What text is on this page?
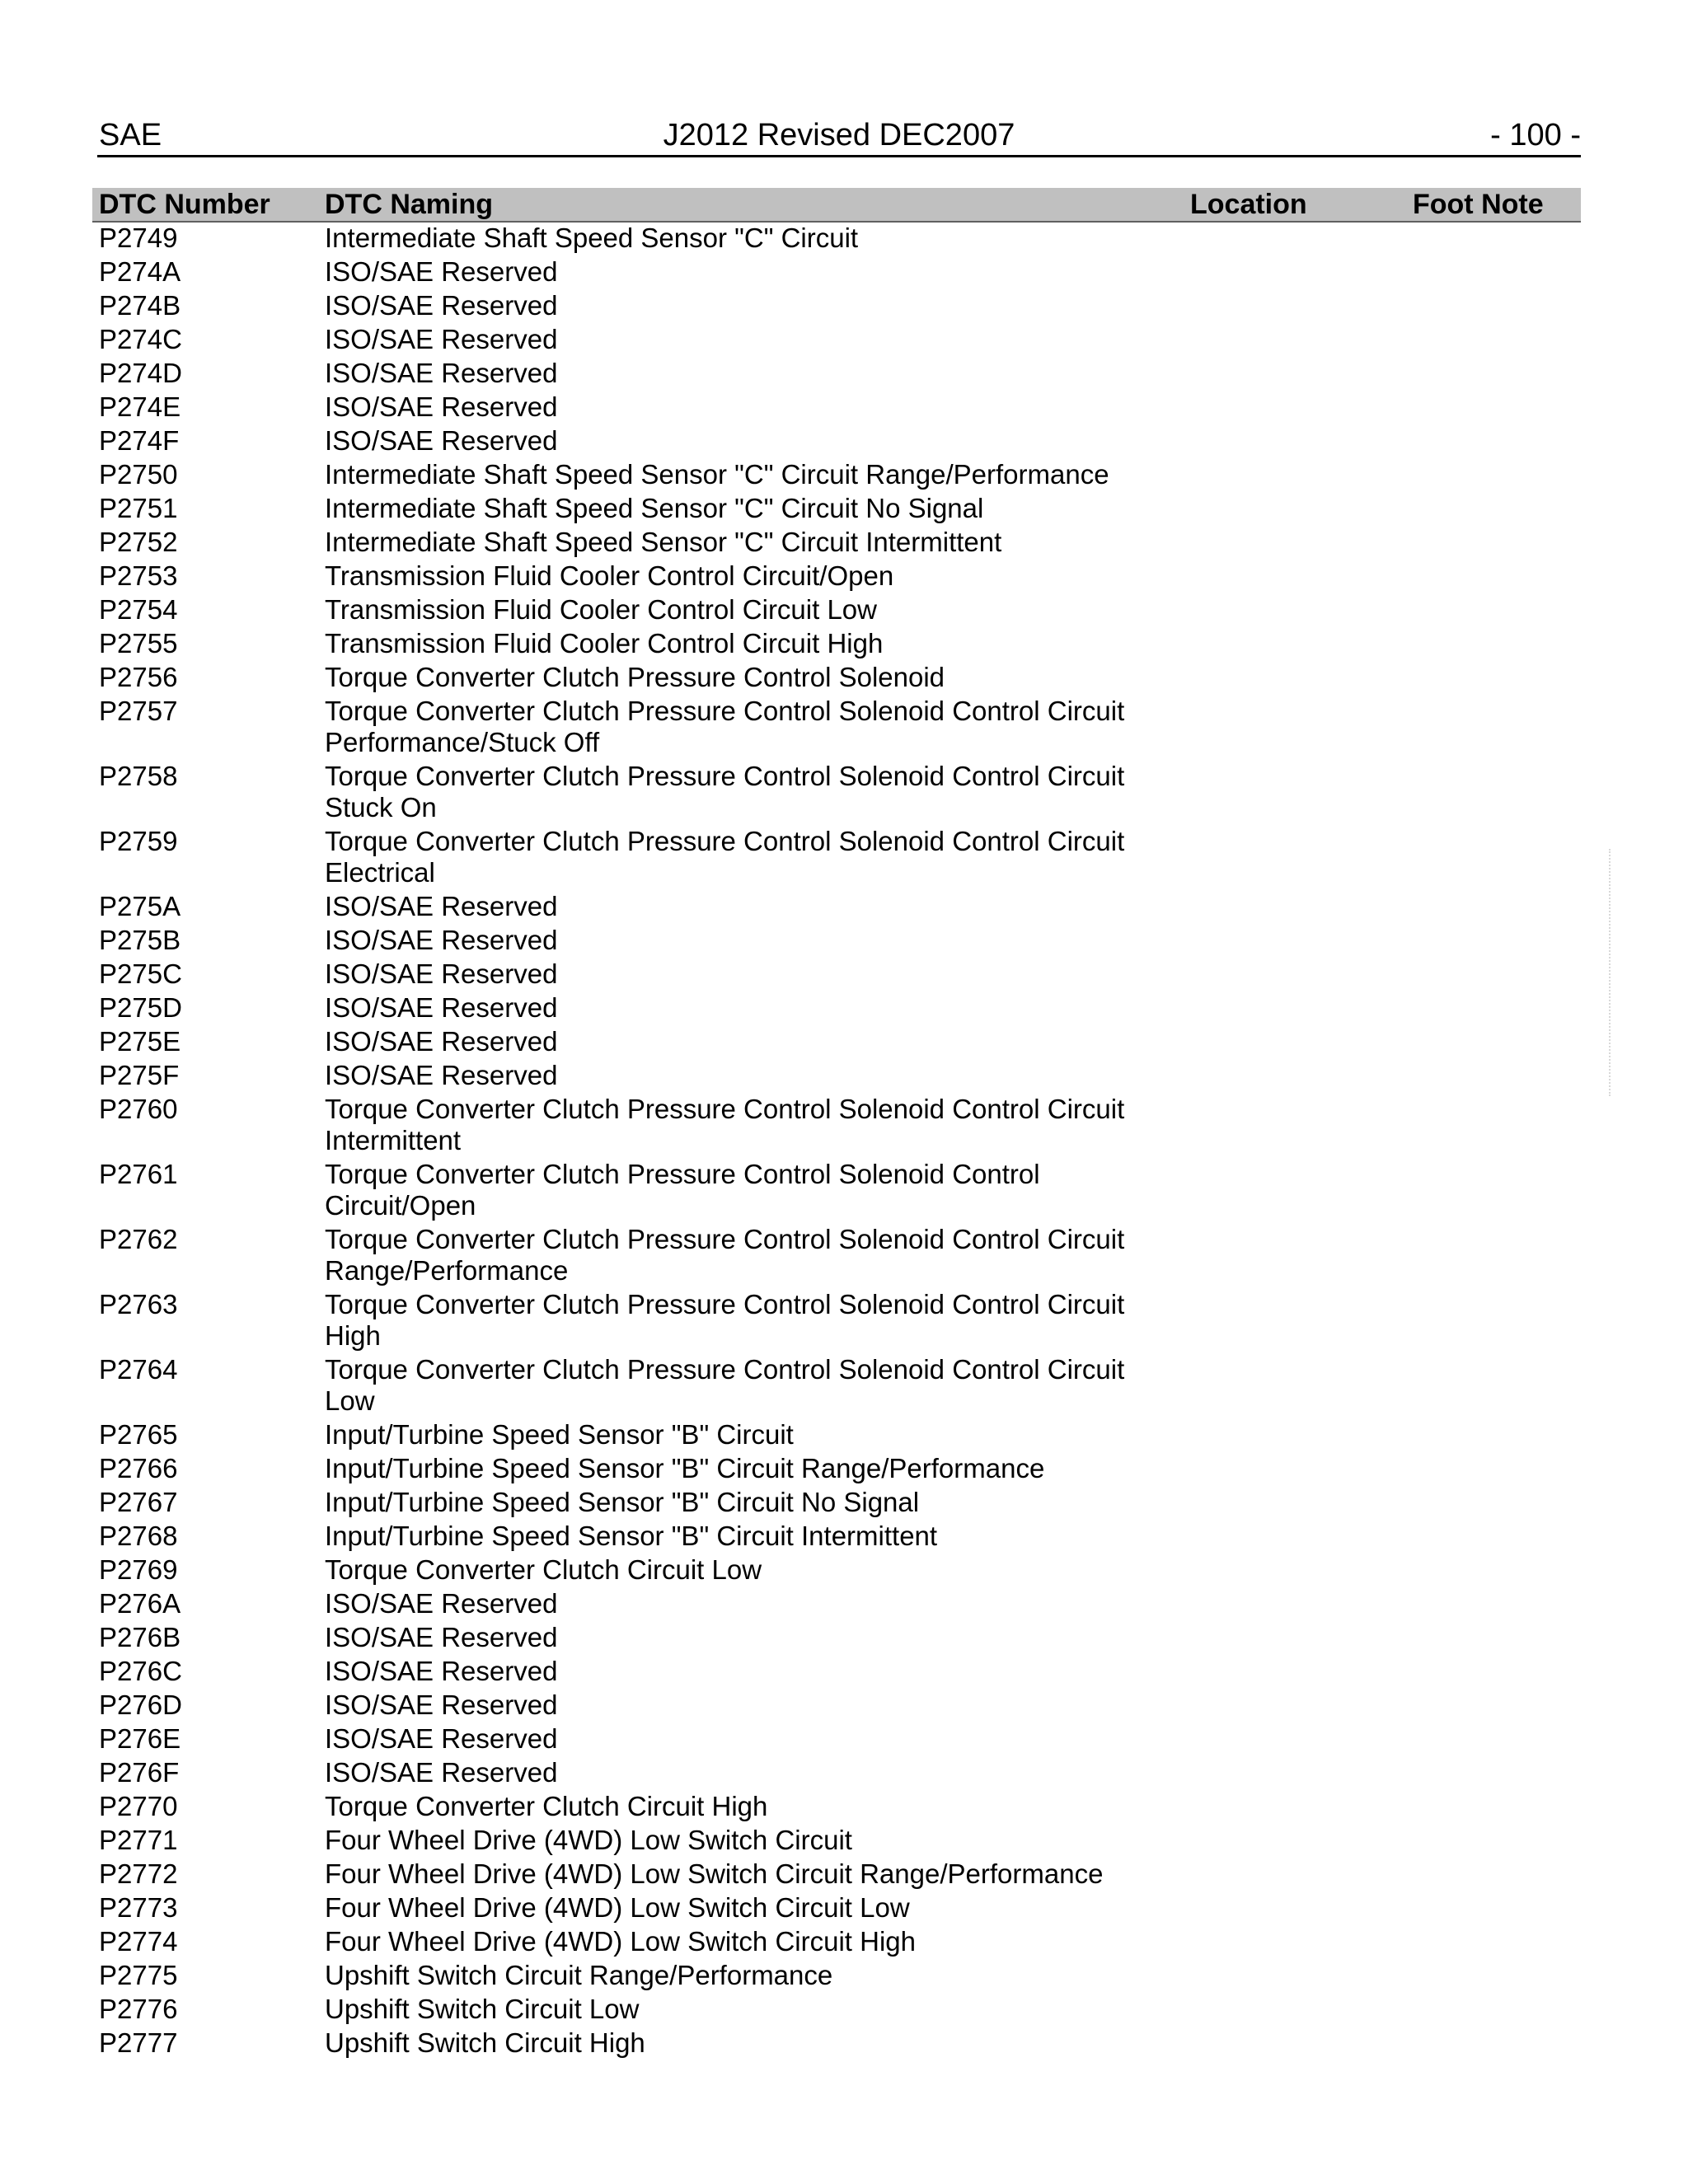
SAE	J2012 Revised DEC2007	- 100 -
DTC Number	DTC Naming	Location	Foot Note
P2749	Intermediate Shaft Speed Sensor "C" Circuit		
P274A	ISO/SAE Reserved		
P274B	ISO/SAE Reserved		
P274C	ISO/SAE Reserved		
P274D	ISO/SAE Reserved		
P274E	ISO/SAE Reserved		
P274F	ISO/SAE Reserved		
P2750	Intermediate Shaft Speed Sensor "C" Circuit Range/Performance		
P2751	Intermediate Shaft Speed Sensor "C" Circuit No Signal		
P2752	Intermediate Shaft Speed Sensor "C" Circuit Intermittent		
P2753	Transmission Fluid Cooler Control Circuit/Open		
P2754	Transmission Fluid Cooler Control Circuit Low		
P2755	Transmission Fluid Cooler Control Circuit High		
P2756	Torque Converter Clutch Pressure Control Solenoid		
P2757	Torque Converter Clutch Pressure Control Solenoid Control Circuit Performance/Stuck Off		
P2758	Torque Converter Clutch Pressure Control Solenoid Control Circuit Stuck On		
P2759	Torque Converter Clutch Pressure Control Solenoid Control Circuit Electrical		
P275A	ISO/SAE Reserved		
P275B	ISO/SAE Reserved		
P275C	ISO/SAE Reserved		
P275D	ISO/SAE Reserved		
P275E	ISO/SAE Reserved		
P275F	ISO/SAE Reserved		
P2760	Torque Converter Clutch Pressure Control Solenoid Control Circuit Intermittent		
P2761	Torque Converter Clutch Pressure Control Solenoid Control Circuit/Open		
P2762	Torque Converter Clutch Pressure Control Solenoid Control Circuit Range/Performance		
P2763	Torque Converter Clutch Pressure Control Solenoid Control Circuit High		
P2764	Torque Converter Clutch Pressure Control Solenoid Control Circuit Low		
P2765	Input/Turbine Speed Sensor "B" Circuit		
P2766	Input/Turbine Speed Sensor "B" Circuit Range/Performance		
P2767	Input/Turbine Speed Sensor "B" Circuit No Signal		
P2768	Input/Turbine Speed Sensor "B" Circuit Intermittent		
P2769	Torque Converter Clutch Circuit Low		
P276A	ISO/SAE Reserved		
P276B	ISO/SAE Reserved		
P276C	ISO/SAE Reserved		
P276D	ISO/SAE Reserved		
P276E	ISO/SAE Reserved		
P276F	ISO/SAE Reserved		
P2770	Torque Converter Clutch Circuit High		
P2771	Four Wheel Drive (4WD) Low Switch Circuit		
P2772	Four Wheel Drive (4WD) Low Switch Circuit Range/Performance		
P2773	Four Wheel Drive (4WD) Low Switch Circuit Low		
P2774	Four Wheel Drive (4WD) Low Switch Circuit High		
P2775	Upshift Switch Circuit Range/Performance		
P2776	Upshift Switch Circuit Low		
P2777	Upshift Switch Circuit High		
